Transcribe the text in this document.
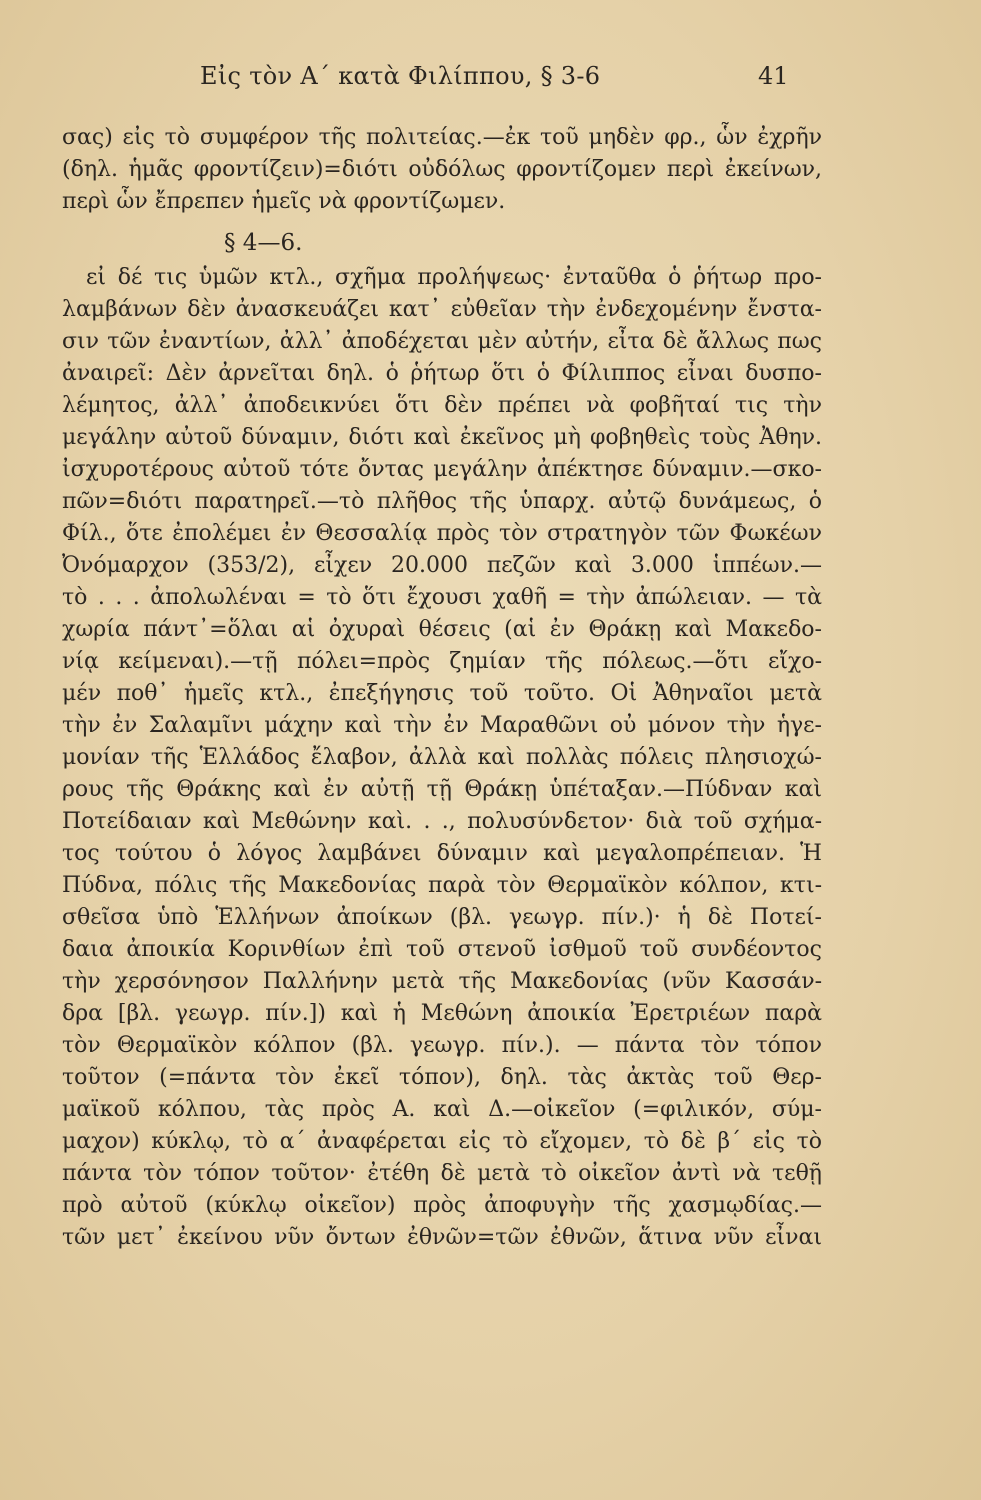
Εἰς τὸν Α΄ κατὰ Φιλίππου, § 3-6	41
σας) εἰς τὸ συμφέρον τῆς πολιτείας.—ἐκ τοῦ μηδὲν φρ., ὧν ἐχρῆν
(δηλ. ἡμᾶς φροντίζειν)=διότι οὐδόλως φροντίζομεν περὶ ἐκείνων,
περὶ ὧν ἔπρεπεν ἡμεῖς νὰ φροντίζωμεν.
§ 4—6.
εἰ δέ τις ὑμῶν κτλ., σχῆμα προλήψεως· ἐνταῦθα ὁ ῥήτωρ προ-
λαμβάνων δὲν ἀνασκευάζει κατ᾽ εὐθεῖαν τὴν ἐνδεχομένην ἔνστα-
σιν τῶν ἐναντίων, ἀλλ᾽ ἀποδέχεται μὲν αὐτήν, εἶτα δὲ ἄλλως πως
ἀναιρεῖ: Δὲν ἀρνεῖται δηλ. ὁ ῥήτωρ ὅτι ὁ Φίλιππος εἶναι δυσπο-
λέμητος, ἀλλ᾽ ἀποδεικνύει ὅτι δὲν πρέπει νὰ φοβῆταί τις τὴν
μεγάλην αὐτοῦ δύναμιν, διότι καὶ ἐκεῖνος μὴ φοβηθεὶς τοὺς Ἀθην.
ἰσχυροτέρους αὐτοῦ τότε ὄντας μεγάλην ἀπέκτησε δύναμιν.—σκο-
πῶν=διότι παρατηρεῖ.—τὸ πλῆθος τῆς ὑπαρχ. αὐτῷ δυνάμεως, ὁ
Φίλ., ὅτε ἐπολέμει ἐν Θεσσαλίᾳ πρὸς τὸν στρατηγὸν τῶν Φωκέων
Ὀνόμαρχον (353/2), εἶχεν 20.000 πεζῶν καὶ 3.000 ἱππέων.—
τὸ . . . ἀπολωλέναι = τὸ ὅτι ἔχουσι χαθῆ = τὴν ἀπώλειαν. — τὰ
χωρία πάντ᾽=ὅλαι αἱ ὀχυραὶ θέσεις (αἱ ἐν Θράκῃ καὶ Μακεδο-
νίᾳ κείμεναι).—τῇ πόλει=πρὸς ζημίαν τῆς πόλεως.—ὅτι εἴχο-
μέν ποθ᾽ ἡμεῖς κτλ., ἐπεξήγησις τοῦ τοῦτο. Οἱ Ἀθηναῖοι μετὰ
τὴν ἐν Σαλαμῖνι μάχην καὶ τὴν ἐν Μαραθῶνι οὐ μόνον τὴν ἡγε-
μονίαν τῆς Ἑλλάδος ἔλαβον, ἀλλὰ καὶ πολλὰς πόλεις πλησιοχώ-
ρους τῆς Θράκης καὶ ἐν αὐτῇ τῇ Θράκῃ ὑπέταξαν.—Πύδναν καὶ
Ποτείδαιαν καὶ Μεθώνην καὶ. . ., πολυσύνδετον· διὰ τοῦ σχήμα-
τος τούτου ὁ λόγος λαμβάνει δύναμιν καὶ μεγαλοπρέπειαν. Ἡ
Πύδνα, πόλις τῆς Μακεδονίας παρὰ τὸν Θερμαϊκὸν κόλπον, κτι-
σθεῖσα ὑπὸ Ἑλλήνων ἀποίκων (βλ. γεωγρ. πίν.)· ἡ δὲ Ποτεί-
δαια ἀποικία Κορινθίων ἐπὶ τοῦ στενοῦ ἰσθμοῦ τοῦ συνδέοντος
τὴν χερσόνησον Παλλήνην μετὰ τῆς Μακεδονίας (νῦν Κασσάν-
δρα [βλ. γεωγρ. πίν.]) καὶ ἡ Μεθώνη ἀποικία Ἐρετριέων παρὰ
τὸν Θερμαϊκὸν κόλπον (βλ. γεωγρ. πίν.). — πάντα τὸν τόπον
τοῦτον (=πάντα τὸν ἐκεῖ τόπον), δηλ. τὰς ἀκτὰς τοῦ Θερ-
μαϊκοῦ κόλπου, τὰς πρὸς Α. καὶ Δ.—οἰκεῖον (=φιλικόν, σύμ-
μαχον) κύκλῳ, τὸ α΄ ἀναφέρεται εἰς τὸ εἴχομεν, τὸ δὲ β΄ εἰς τὸ
πάντα τὸν τόπον τοῦτον· ἐτέθη δὲ μετὰ τὸ οἰκεῖον ἀντὶ νὰ τεθῇ
πρὸ αὐτοῦ (κύκλῳ οἰκεῖον) πρὸς ἀποφυγὴν τῆς χασμῳδίας.—
τῶν μετ᾽ ἐκείνου νῦν ὄντων ἐθνῶν=τῶν ἐθνῶν, ἅτινα νῦν εἶναι
